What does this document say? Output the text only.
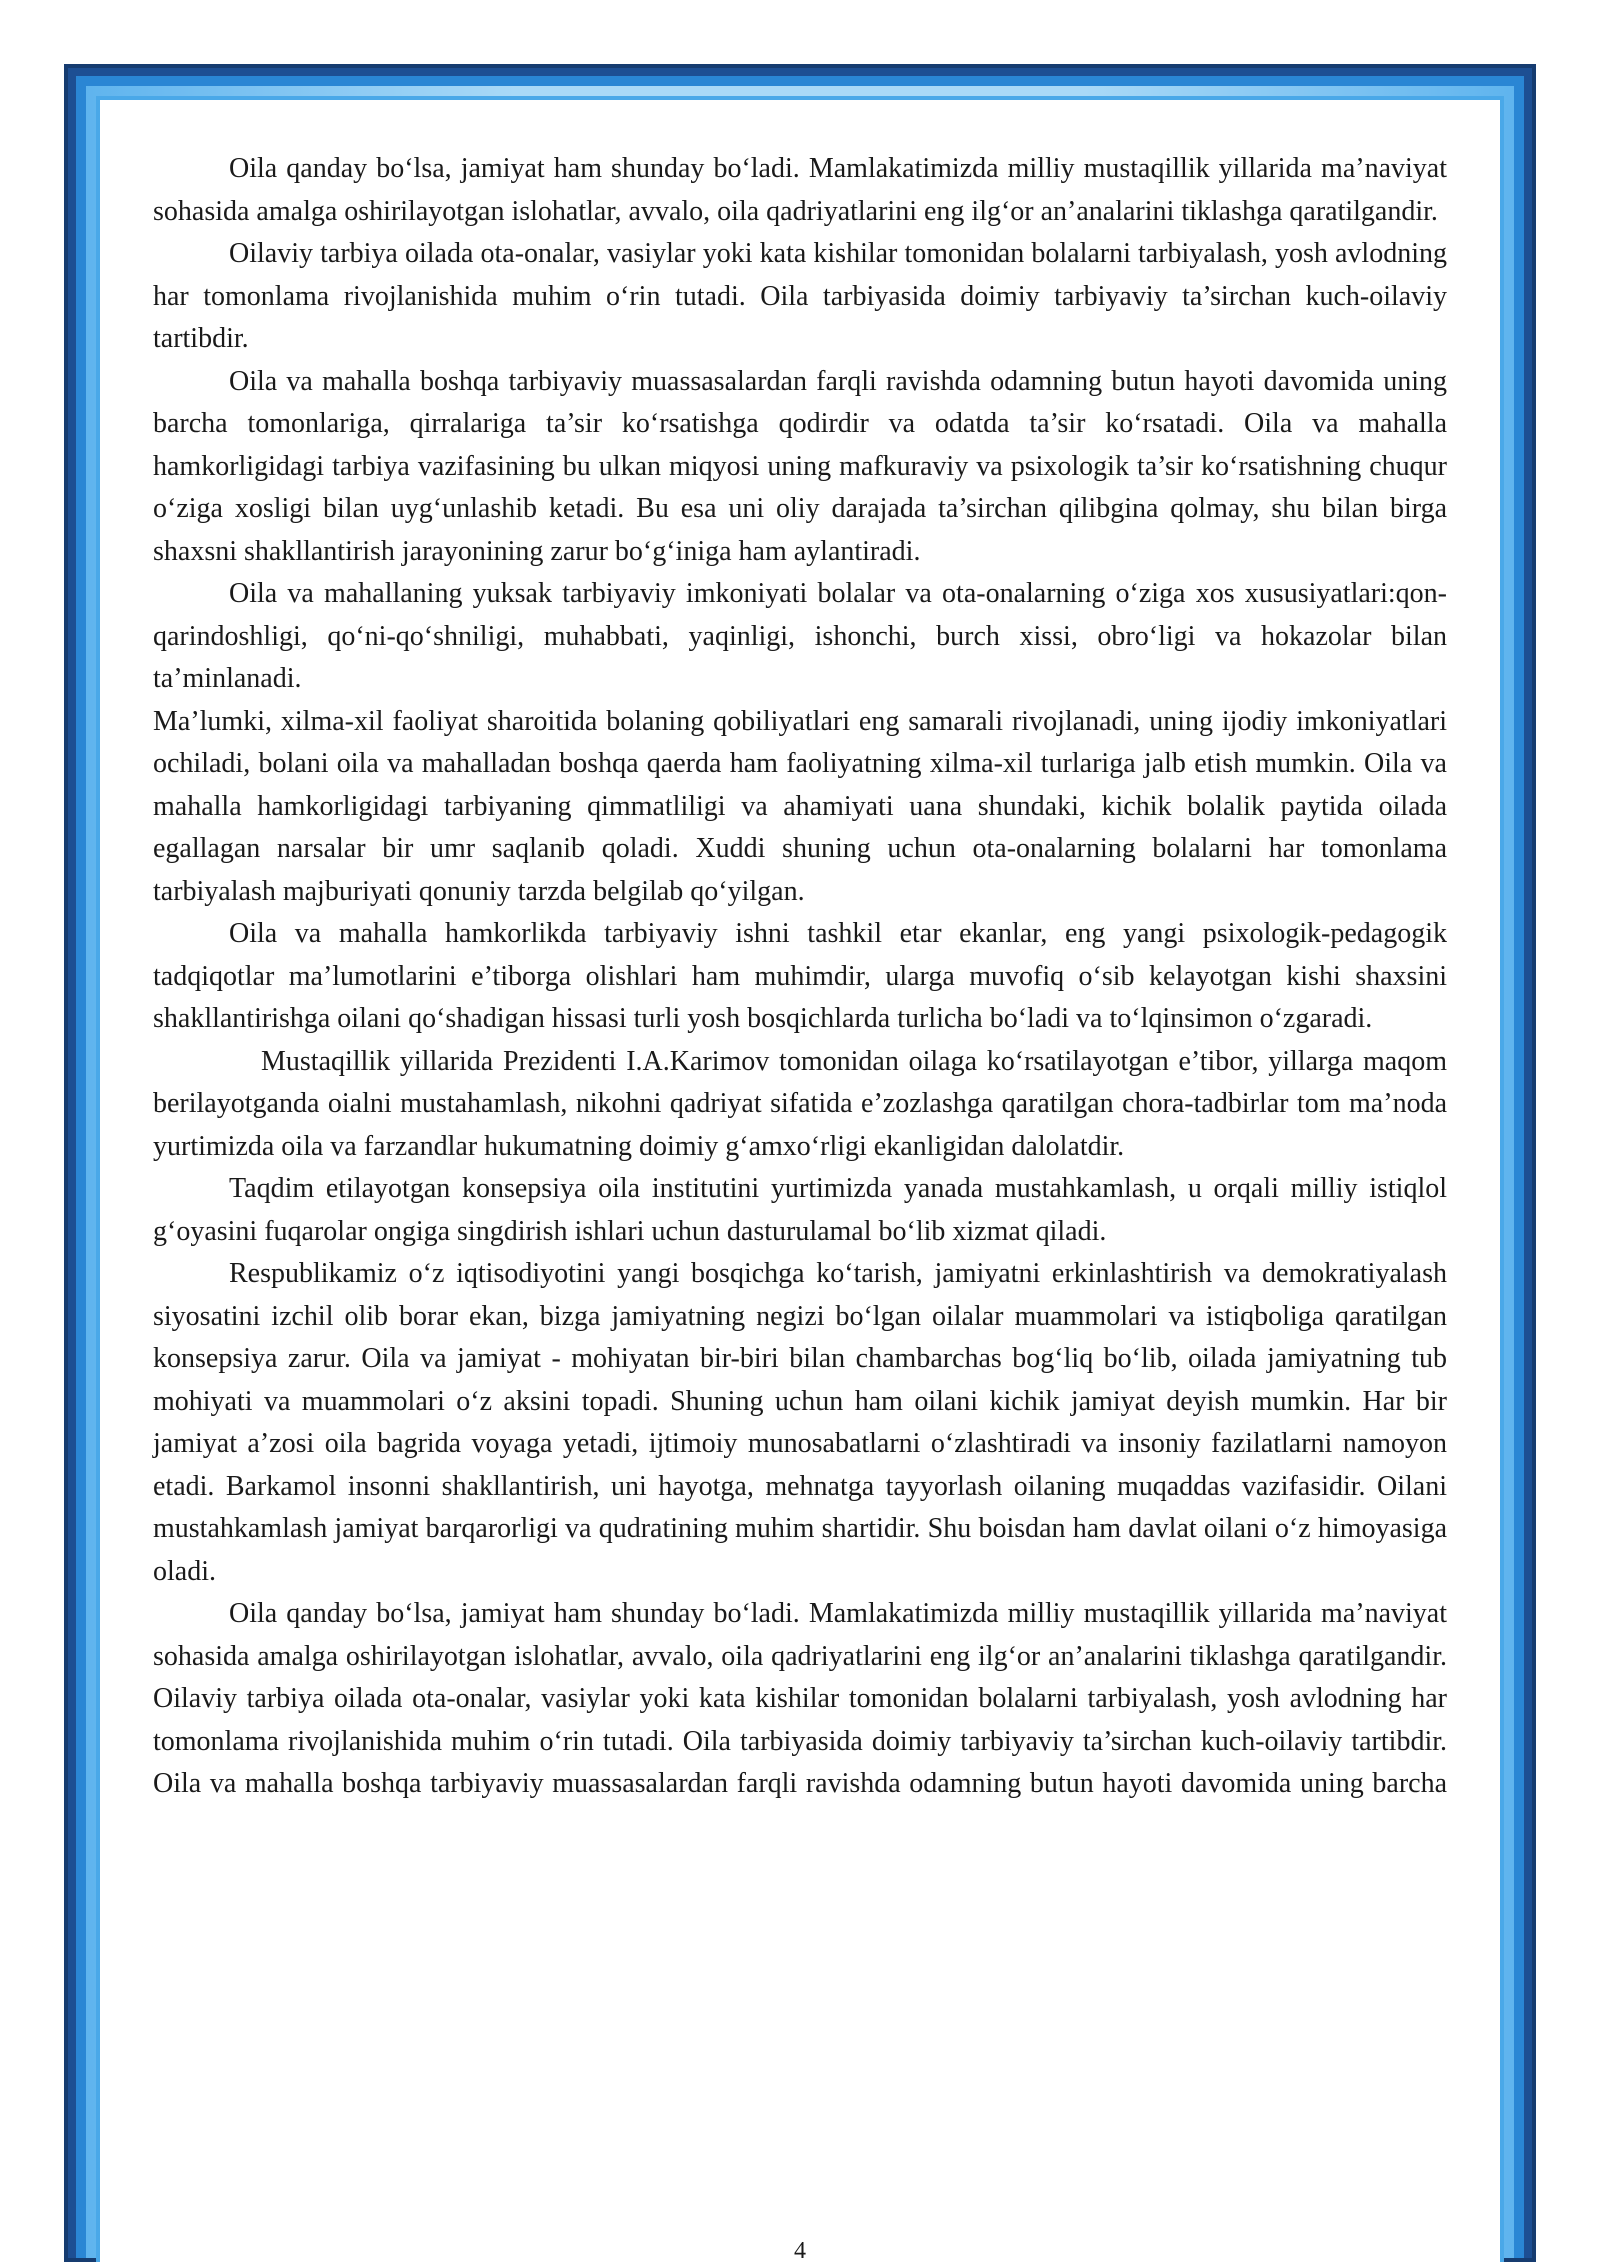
Oila qanday bo‘lsa, jamiyat ham shunday bo‘ladi. Mamlakatimizda milliy mustaqillik yillarida ma’naviyat sohasida amalga oshirilayotgan islohatlar, avvalo, oila qadriyatlarini eng ilg‘or an’analarini tiklashga qaratilgandir.

Oilaviy tarbiya oilada ota-onalar, vasiylar yoki kata kishilar tomonidan bolalarni tarbiyalash, yosh avlodning har tomonlama rivojlanishida muhim o‘rin tutadi. Oila tarbiyasida doimiy tarbiyaviy ta’sirchan kuch-oilaviy tartibdir.

Oila va mahalla boshqa tarbiyaviy muassasalardan farqli ravishda odamning butun hayoti davomida uning barcha tomonlariga, qirralariga ta’sir ko‘rsatishga qodirdir va odatda ta’sir ko‘rsatadi. Oila va mahalla hamkorligidagi tarbiya vazifasining bu ulkan miqyosi uning mafkuraviy va psixologik ta’sir ko‘rsatishning chuqur o‘ziga xosligi bilan uyg‘unlashib ketadi. Bu esa uni oliy darajada ta’sirchan qilibgina qolmay, shu bilan birga shaxsni shakllantirish jarayonining zarur bo‘g‘iniga ham aylantiradi.

Oila va mahallaning yuksak tarbiyaviy imkoniyati bolalar va ota-onalarning o‘ziga xos xususiyatlari:qon-qarindoshligi, qo‘ni-qo‘shniligi, muhabbati, yaqinligi, ishonchi, burch xissi, obro‘ligi va hokazolar bilan ta’minlanadi.

Ma’lumki, xilma-xil faoliyat sharoitida bolaning qobiliyatlari eng samarali rivojlanadi, uning ijodiy imkoniyatlari ochiladi, bolani oila va mahalladan boshqa qaerda ham faoliyatning xilma-xil turlariga jalb etish mumkin. Oila va mahalla hamkorligidagi tarbiyaning qimmatliligi va ahamiyati uana shundaki, kichik bolalik paytida oilada egallagan narsalar bir umr saqlanib qoladi. Xuddi shuning uchun ota-onalarning bolalarni har tomonlama tarbiyalash majburiyati qonuniy tarzda belgilab qo‘yilgan.

Oila va mahalla hamkorlikda tarbiyaviy ishni tashkil etar ekanlar, eng yangi psixologik-pedagogik tadqiqotlar ma’lumotlarini e’tiborga olishlari ham muhimdir, ularga muvofiq o‘sib kelayotgan kishi shaxsini shakllantirishga oilani qo‘shadigan hissasi turli yosh bosqichlarda turlicha bo‘ladi va to‘lqinsimon o‘zgaradi.

Mustaqillik yillarida Prezidenti I.A.Karimov tomonidan oilaga ko‘rsatilayotgan e’tibor, yillarga maqom berilayotganda oialni mustahamlash, nikohni qadriyat sifatida e’zozlashga qaratilgan chora-tadbirlar tom ma’noda yurtimizda oila va farzandlar hukumatning doimiy g‘amxo‘rligi ekanligidan dalolatdir.

Taqdim etilayotgan konsepsiya oila institutini yurtimizda yanada mustahkamlash, u orqali milliy istiqlol g‘oyasini fuqarolar ongiga singdirish ishlari uchun dasturulamal bo‘lib xizmat qiladi.

Respublikamiz o‘z iqtisodiyotini yangi bosqichga ko‘tarish, jamiyatni erkinlashtirish va demokratiyalash siyosatini izchil olib borar ekan, bizga jamiyatning negizi bo‘lgan oilalar muammolari va istiqboliga qaratilgan konsepsiya zarur. Oila va jamiyat - mohiyatan bir-biri bilan chambarchas bog‘liq bo‘lib, oilada jamiyatning tub mohiyati va muammolari o‘z aksini topadi. Shuning uchun ham oilani kichik jamiyat deyish mumkin. Har bir jamiyat a’zosi oila bagrida voyaga yetadi, ijtimoiy munosabatlarni o‘zlashtiradi va insoniy fazilatlarni namoyon etadi. Barkamol insonni shakllantirish, uni hayotga, mehnatga tayyorlash oilaning muqaddas vazifasidir. Oilani mustahkamlash jamiyat barqarorligi va qudratining muhim shartidir. Shu boisdan ham davlat oilani o‘z himoyasiga oladi.

Oila qanday bo‘lsa, jamiyat ham shunday bo‘ladi. Mamlakatimizda milliy mustaqillik yillarida ma’naviyat sohasida amalga oshirilayotgan islohatlar, avvalo, oila qadriyatlarini eng ilg‘or an’analarini tiklashga qaratilgandir. Oilaviy tarbiya oilada ota-onalar, vasiylar yoki kata kishilar tomonidan bolalarni tarbiyalash, yosh avlodning har tomonlama rivojlanishida muhim o‘rin tutadi. Oila tarbiyasida doimiy tarbiyaviy ta’sirchan kuch-oilaviy tartibdir. Oila va mahalla boshqa tarbiyaviy muassasalardan farqli ravishda odamning butun hayoti davomida uning barcha

4
